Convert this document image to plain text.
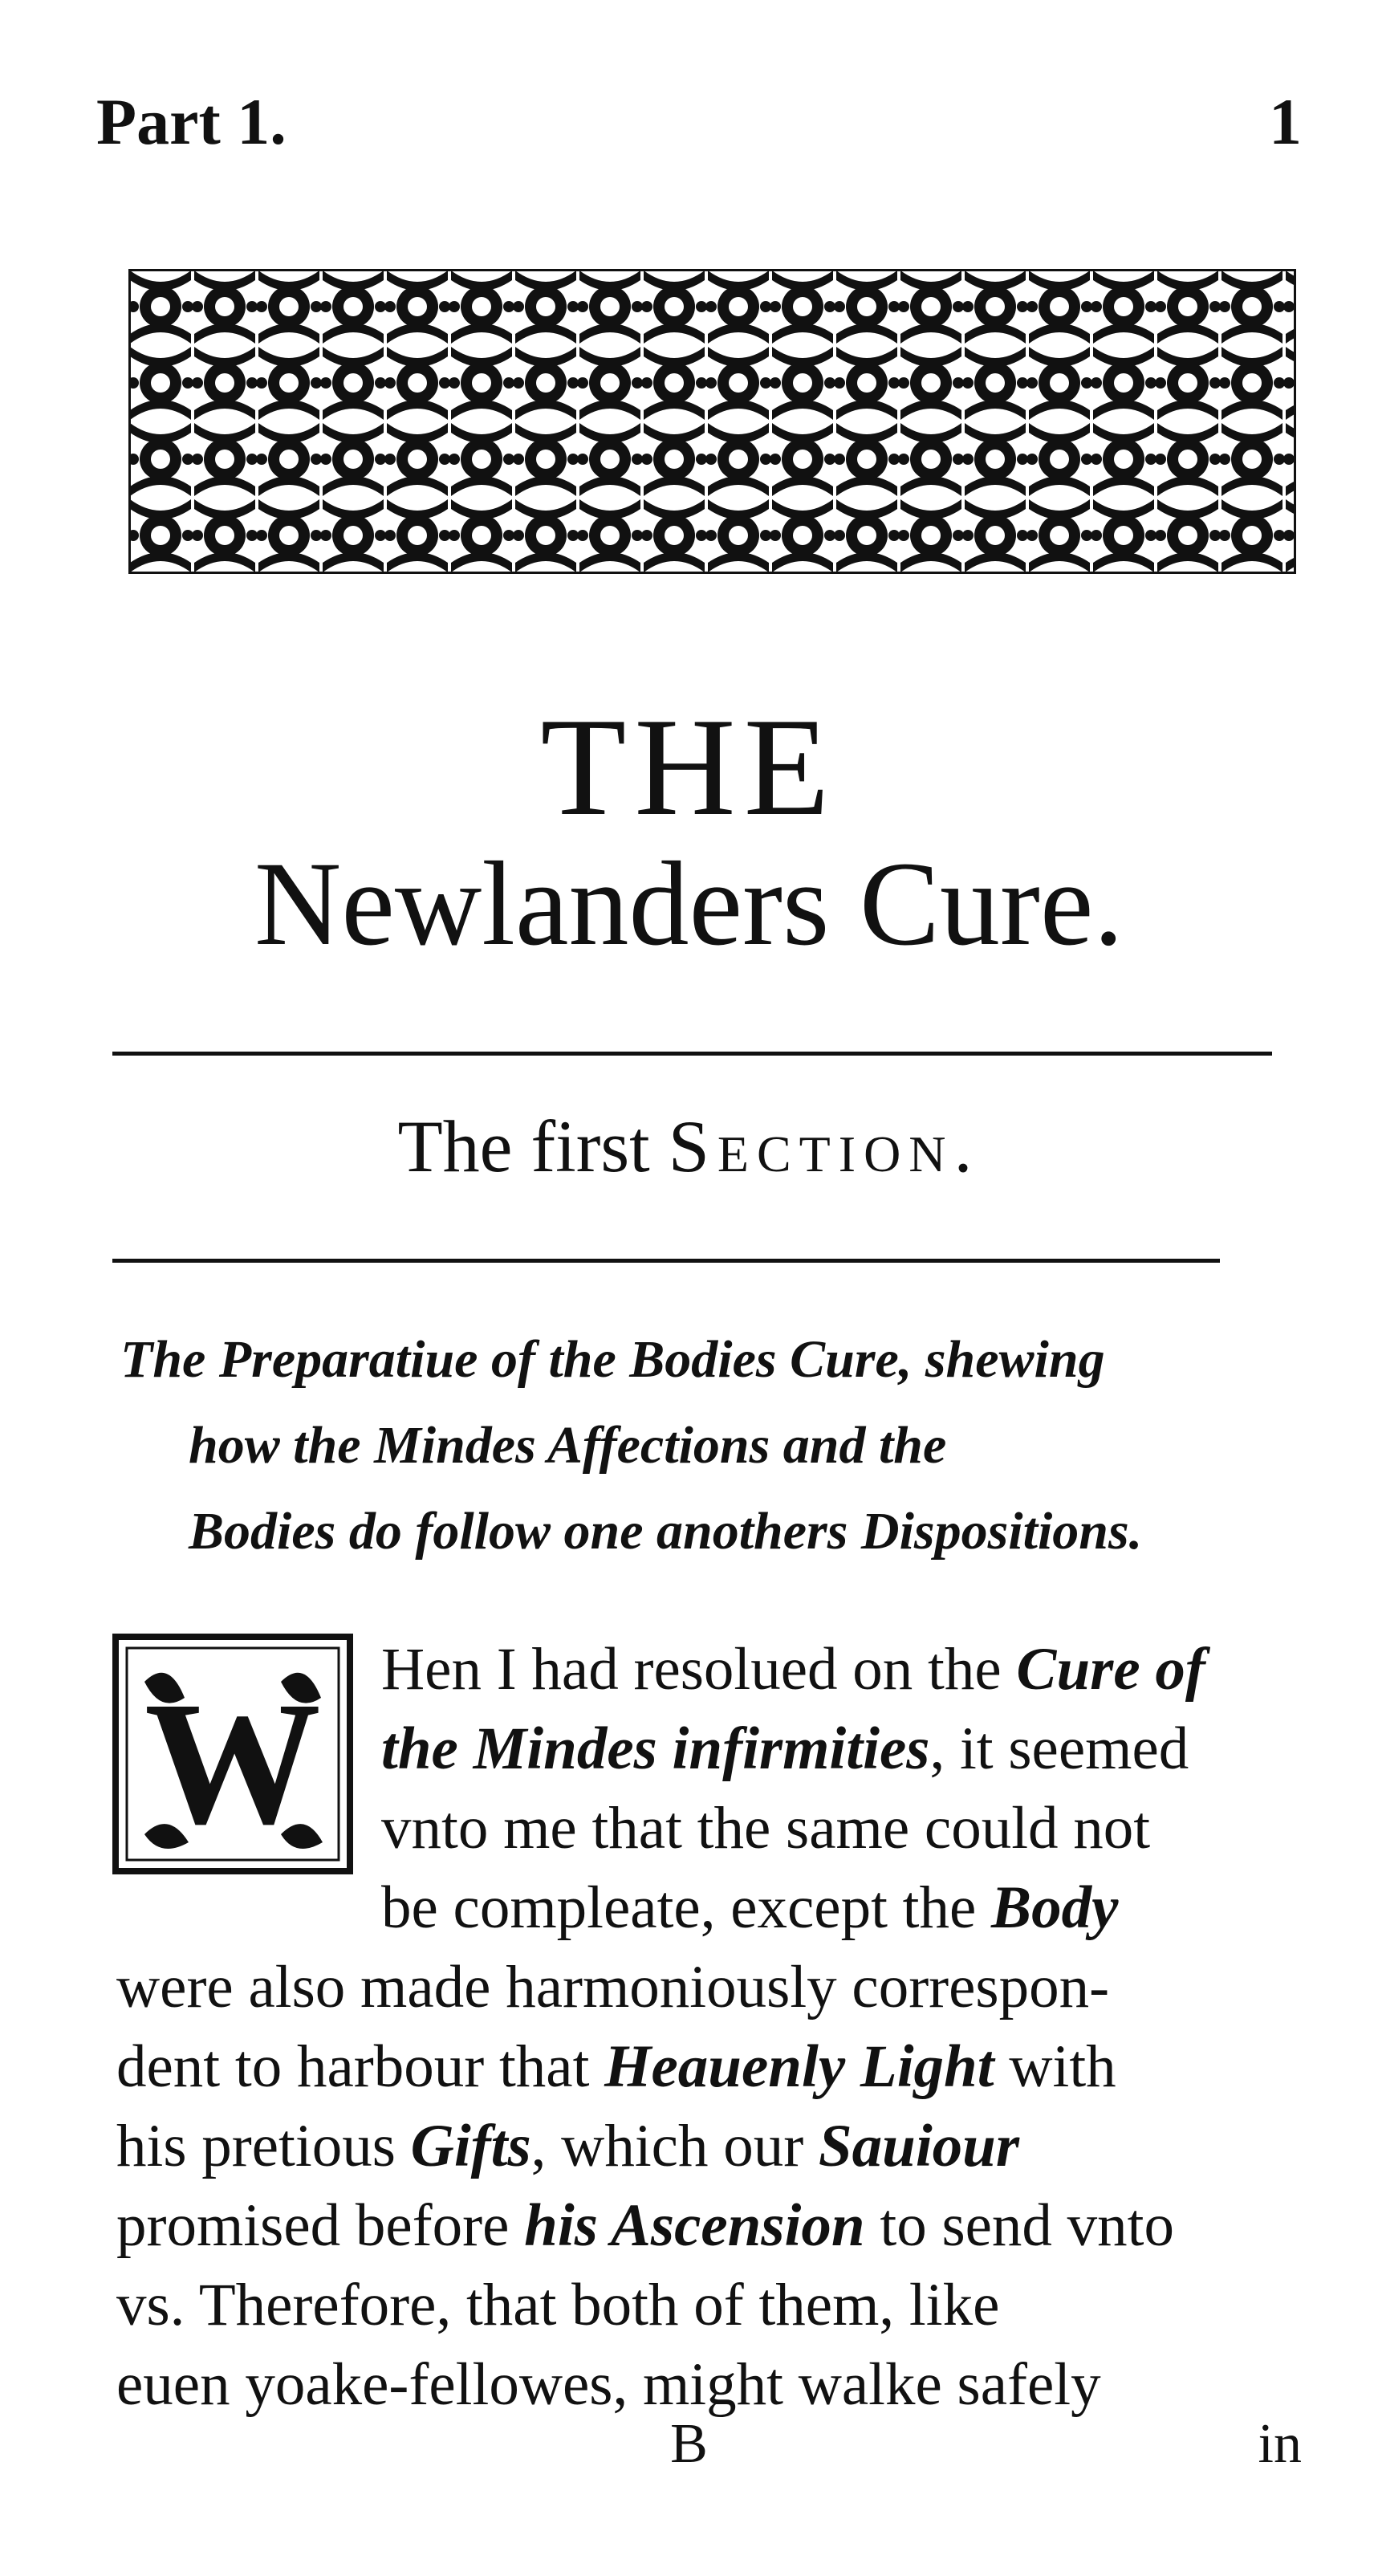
Part 1.	1
THE
Newlanders Cure.
The first Section.
The Preparatiue of the Bodies Cure, shewing
how the Mindes Affections and the
Bodies do follow one anothers Dispositions.
W	Hen I had resolued on the Cure of
the Mindes infirmities, it seemed
vnto me that the same could not
be compleate, except the Body
were also made harmoniously correspon-
dent to harbour that Heauenly Light with
his pretious Gifts, which our Sauiour
promised before his Ascension to send vnto
vs. Therefore, that both of them, like
euen yoake-fellowes, might walke safely
B	in
